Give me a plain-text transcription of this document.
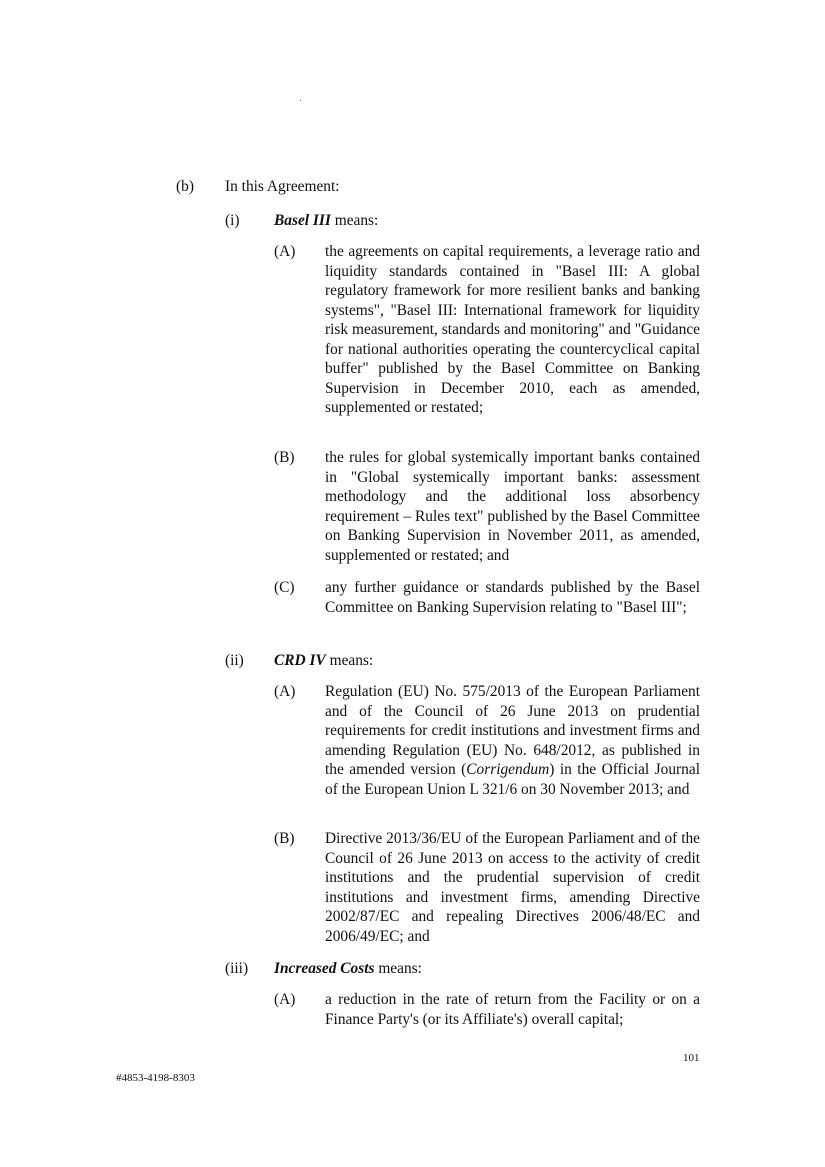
(b) In this Agreement:
(i) Basel III means:
(A) the agreements on capital requirements, a leverage ratio and liquidity standards contained in "Basel III: A global regulatory framework for more resilient banks and banking systems", "Basel III: International framework for liquidity risk measurement, standards and monitoring" and "Guidance for national authorities operating the countercyclical capital buffer" published by the Basel Committee on Banking Supervision in December 2010, each as amended, supplemented or restated;
(B) the rules for global systemically important banks contained in "Global systemically important banks: assessment methodology and the additional loss absorbency requirement – Rules text" published by the Basel Committee on Banking Supervision in November 2011, as amended, supplemented or restated; and
(C) any further guidance or standards published by the Basel Committee on Banking Supervision relating to "Basel III";
(ii) CRD IV means:
(A) Regulation (EU) No. 575/2013 of the European Parliament and of the Council of 26 June 2013 on prudential requirements for credit institutions and investment firms and amending Regulation (EU) No. 648/2012, as published in the amended version (Corrigendum) in the Official Journal of the European Union L 321/6 on 30 November 2013; and
(B) Directive 2013/36/EU of the European Parliament and of the Council of 26 June 2013 on access to the activity of credit institutions and the prudential supervision of credit institutions and investment firms, amending Directive 2002/87/EC and repealing Directives 2006/48/EC and 2006/49/EC; and
(iii) Increased Costs means:
(A) a reduction in the rate of return from the Facility or on a Finance Party's (or its Affiliate's) overall capital;
101
#4853-4198-8303
